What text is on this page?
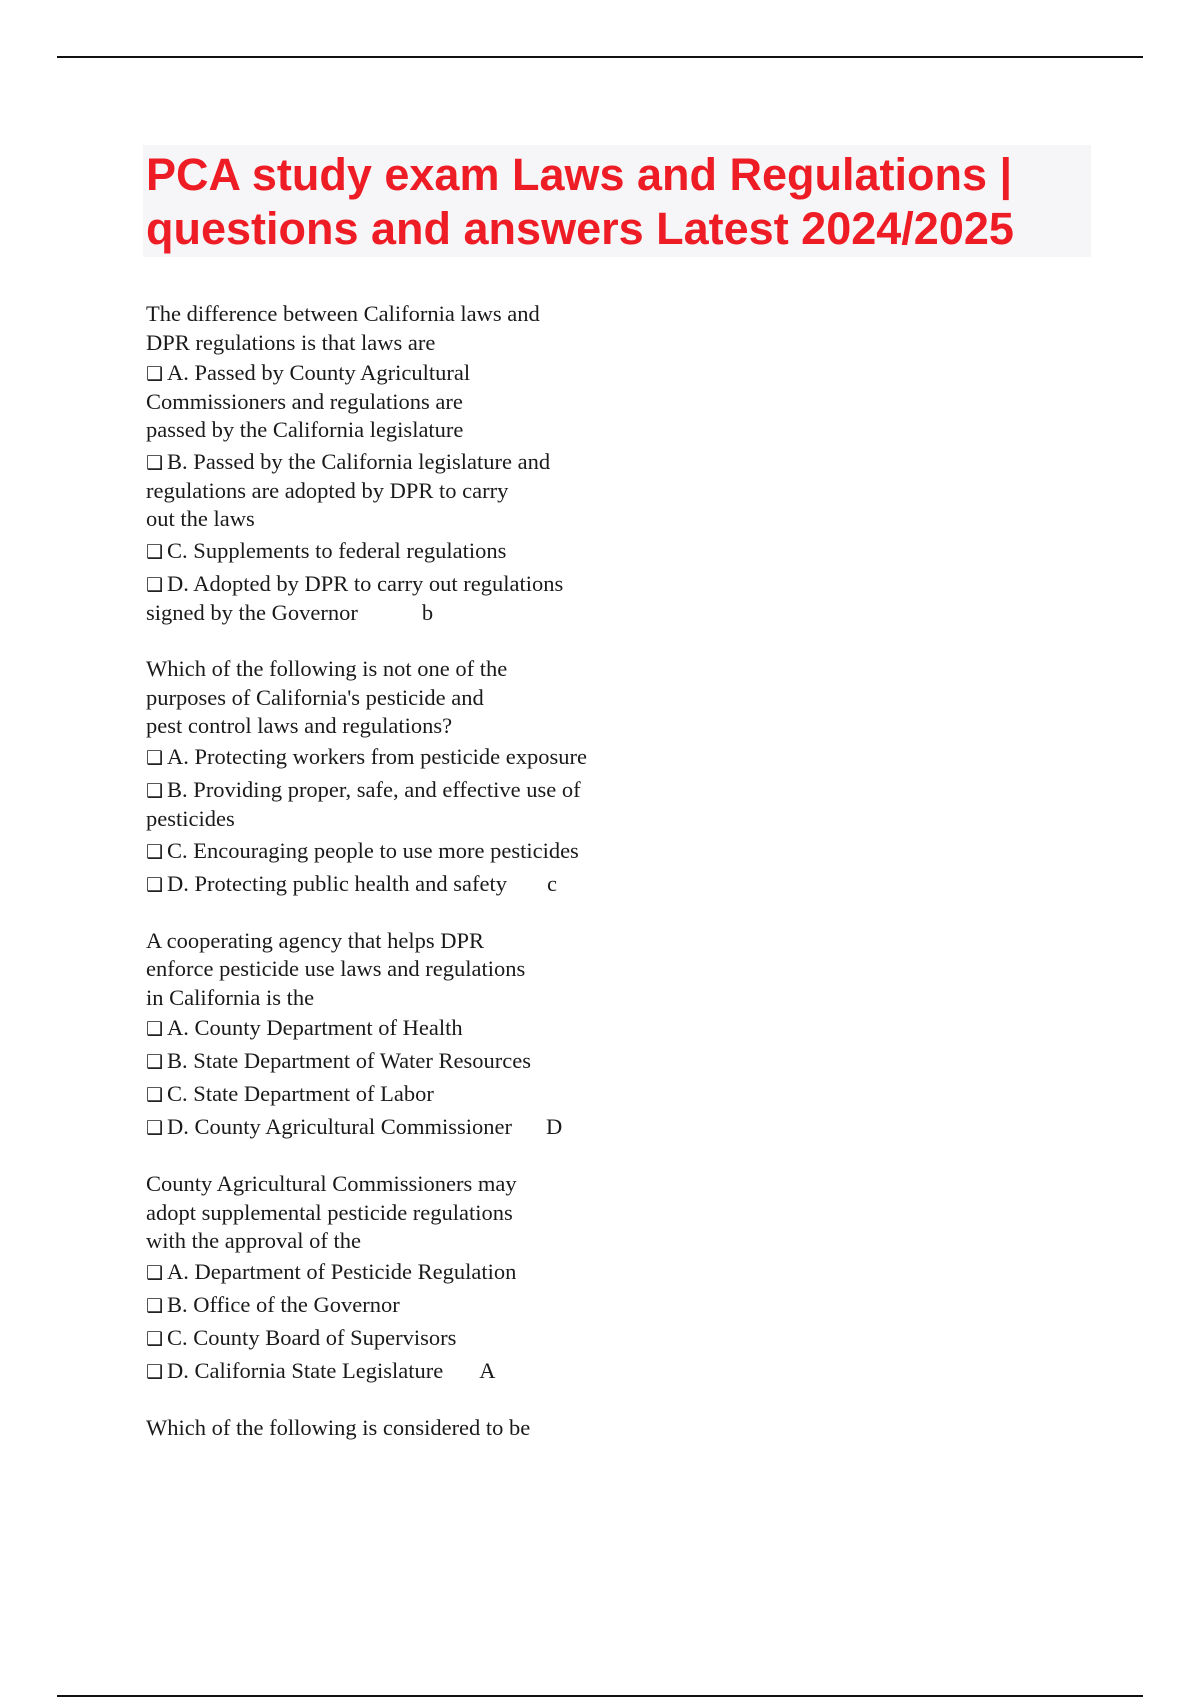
PCA study exam Laws and Regulations | questions and answers Latest 2024/2025
The difference between California laws and
DPR regulations is that laws are
❑ A. Passed by County Agricultural
Commissioners and regulations are
passed by the California legislature
❑ B. Passed by the California legislature and
regulations are adopted by DPR to carry
out the laws
❑ C. Supplements to federal regulations
❑ D. Adopted by DPR to carry out regulations
signed by the Governor	b
Which of the following is not one of the
purposes of California's pesticide and
pest control laws and regulations?
❑ A. Protecting workers from pesticide exposure
❑ B. Providing proper, safe, and effective use of
pesticides
❑ C. Encouraging people to use more pesticides
❑ D. Protecting public health and safety c
A cooperating agency that helps DPR
enforce pesticide use laws and regulations
in California is the
❑ A. County Department of Health
❑ B. State Department of Water Resources
❑ C. State Department of Labor
❑ D. County Agricultural Commissioner D
County Agricultural Commissioners may
adopt supplemental pesticide regulations
with the approval of the
❑ A. Department of Pesticide Regulation
❑ B. Office of the Governor
❑ C. County Board of Supervisors
❑ D. California State Legislature A
Which of the following is considered to be
